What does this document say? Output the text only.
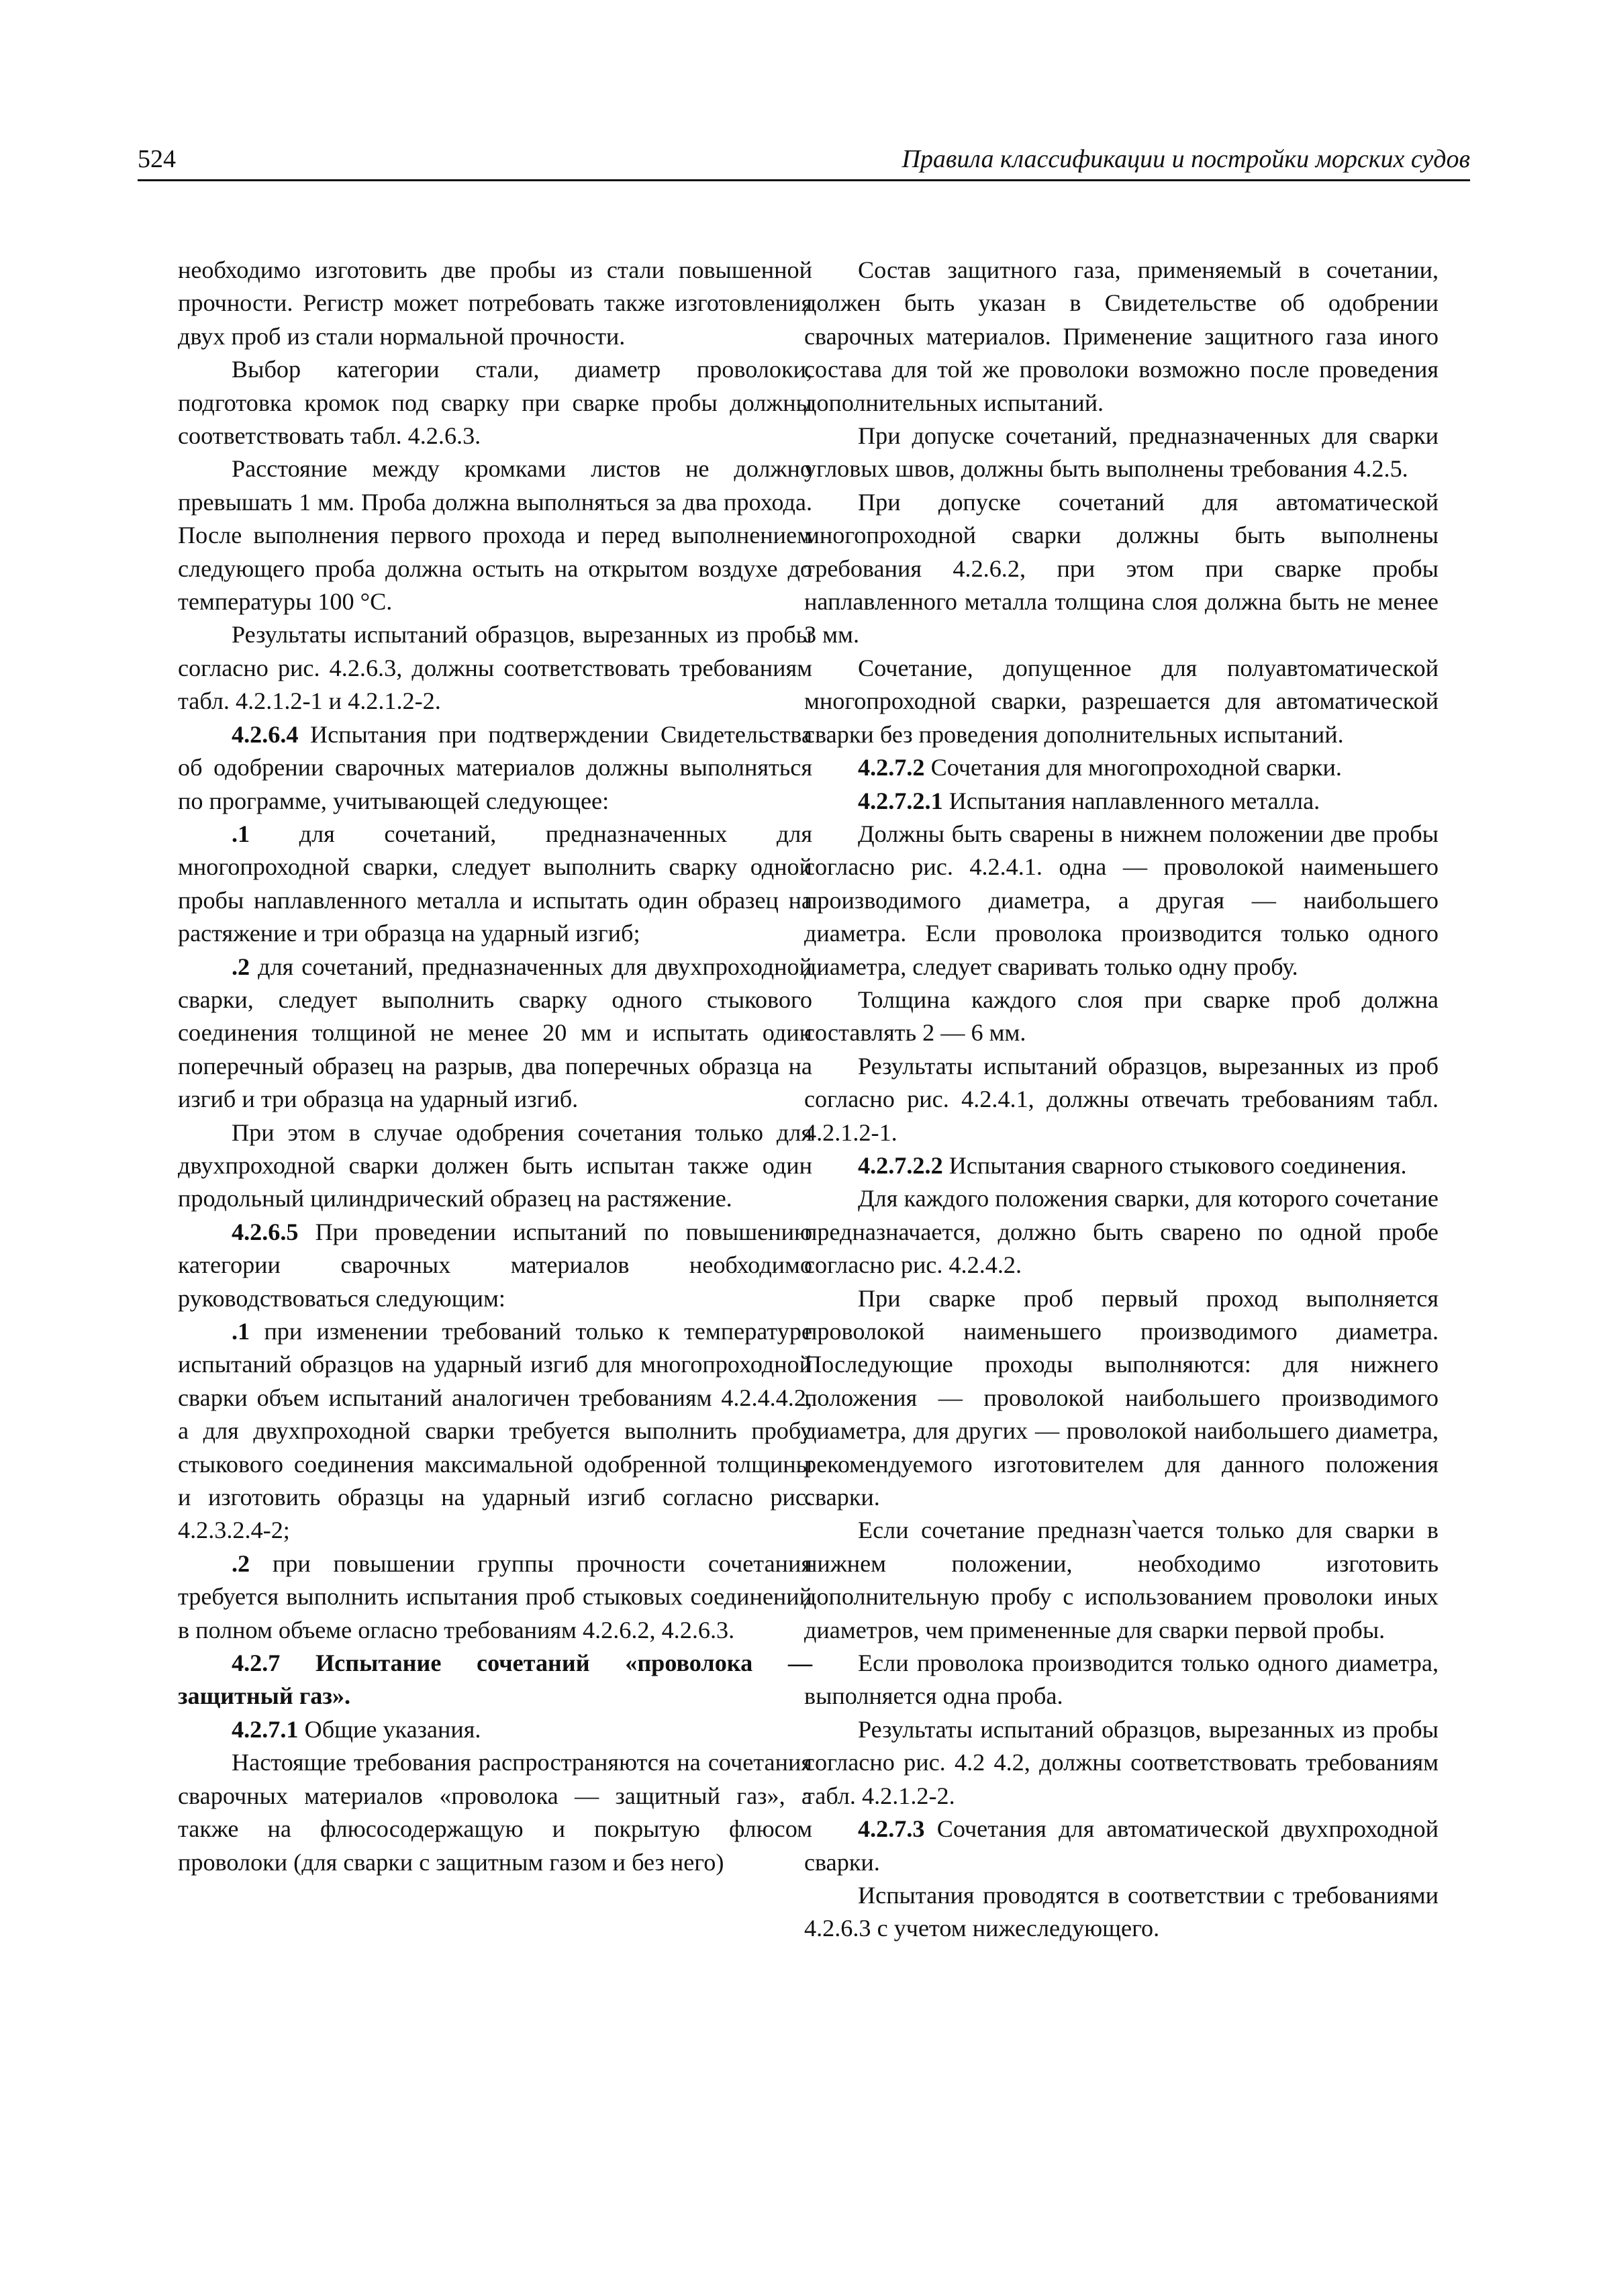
524	Правила классификации и постройки морских судов

необходимо изготовить две пробы из стали повышенной прочности. Регистр может потребовать также изготовления двух проб из стали нормальной прочности.

Выбор категории стали, диаметр проволоки, подготовка кромок под сварку при сварке пробы должны соответствовать табл. 4.2.6.3.

Расстояние между кромками листов не должно превышать 1 мм. Проба должна выполняться за два прохода. После выполнения первого прохода и перед выполнением следующего проба должна остыть на открытом воздухе до температуры 100 °С.

Результаты испытаний образцов, вырезанных из пробы согласно рис. 4.2.6.3, должны соответствовать требованиям табл. 4.2.1.2-1 и 4.2.1.2-2.

4.2.6.4 Испытания при подтверждении Свидетельства об одобрении сварочных материалов должны выполняться по программе, учитывающей следующее:

.1 для сочетаний, предназначенных для многопроходной сварки, следует выполнить сварку одной пробы наплавленного металла и испытать один образец на растяжение и три образца на ударный изгиб;

.2 для сочетаний, предназначенных для двухпроходной сварки, следует выполнить сварку одного стыкового соединения толщиной не менее 20 мм и испытать один поперечный образец на разрыв, два поперечных образца на изгиб и три образца на ударный изгиб.

При этом в случае одобрения сочетания только для двухпроходной сварки должен быть испытан также один продольный цилиндрический образец на растяжение.

4.2.6.5 При проведении испытаний по повышению категории сварочных материалов необходимо руководствоваться следующим:

.1 при изменении требований только к температуре испытаний образцов на ударный изгиб для многопроходной сварки объем испытаний аналогичен требованиям 4.2.4.4.2, а для двухпроходной сварки требуется выполнить пробу стыкового соединения максимальной одобренной толщины и изготовить образцы на ударный изгиб согласно рис. 4.2.3.2.4-2;

.2 при повышении группы прочности сочетания требуется выполнить испытания проб стыковых соединений в полном объеме огласно требованиям 4.2.6.2, 4.2.6.3.

4.2.7 Испытание сочетаний «проволока — защитный газ».

4.2.7.1 Общие указания.

Настоящие требования распространяются на сочетания сварочных материалов «проволока — защитный газ», а также на флюсосодержащую и покрытую флюсом проволоки (для сварки с защитным газом и без него)

Состав защитного газа, применяемый в сочетании, должен быть указан в Свидетельстве об одобрении сварочных материалов. Применение защитного газа иного состава для той же проволоки возможно после проведения дополнительных испытаний.

При допуске сочетаний, предназначенных для сварки угловых швов, должны быть выполнены требования 4.2.5.

При допуске сочетаний для автоматической многопроходной сварки должны быть выполнены требования 4.2.6.2, при этом при сварке пробы наплавленного металла толщина слоя должна быть не менее 3 мм.

Сочетание, допущенное для полуавтоматической многопроходной сварки, разрешается для автоматической сварки без проведения дополнительных испытаний.

4.2.7.2 Сочетания для многопроходной сварки.

4.2.7.2.1 Испытания наплавленного металла.

Должны быть сварены в нижнем положении две пробы согласно рис. 4.2.4.1. одна — проволокой наименьшего производимого диаметра, а другая — наибольшего диаметра. Если проволока производится только одного диаметра, следует сваривать только одну пробу.

Толщина каждого слоя при сварке проб должна составлять 2 — 6 мм.

Результаты испытаний образцов, вырезанных из проб согласно рис. 4.2.4.1, должны отвечать требованиям табл. 4.2.1.2-1.

4.2.7.2.2 Испытания сварного стыкового соединения.

Для каждого положения сварки, для которого сочетание предназначается, должно быть сварено по одной пробе согласно рис. 4.2.4.2.

При сварке проб первый проход выполняется проволокой наименьшего производимого диаметра. Последующие проходы выполняются: для нижнего положения — проволокой наибольшего производимого диаметра, для других — проволокой наибольшего диаметра, рекомендуемого изготовителем для данного положения сварки.

Если сочетание предназн‵чается только для сварки в нижнем положении, необходимо изготовить дополнительную пробу с использованием проволоки иных диаметров, чем примененные для сварки первой пробы.

Если проволока производится только одного диаметра, выполняется одна проба.

Результаты испытаний образцов, вырезанных из пробы согласно рис. 4.2 4.2, должны соответствовать требованиям табл. 4.2.1.2-2.

4.2.7.3 Сочетания для автоматической двухпроходной сварки.

Испытания проводятся в соответствии с требованиями 4.2.6.3 с учетом нижеследующего.
